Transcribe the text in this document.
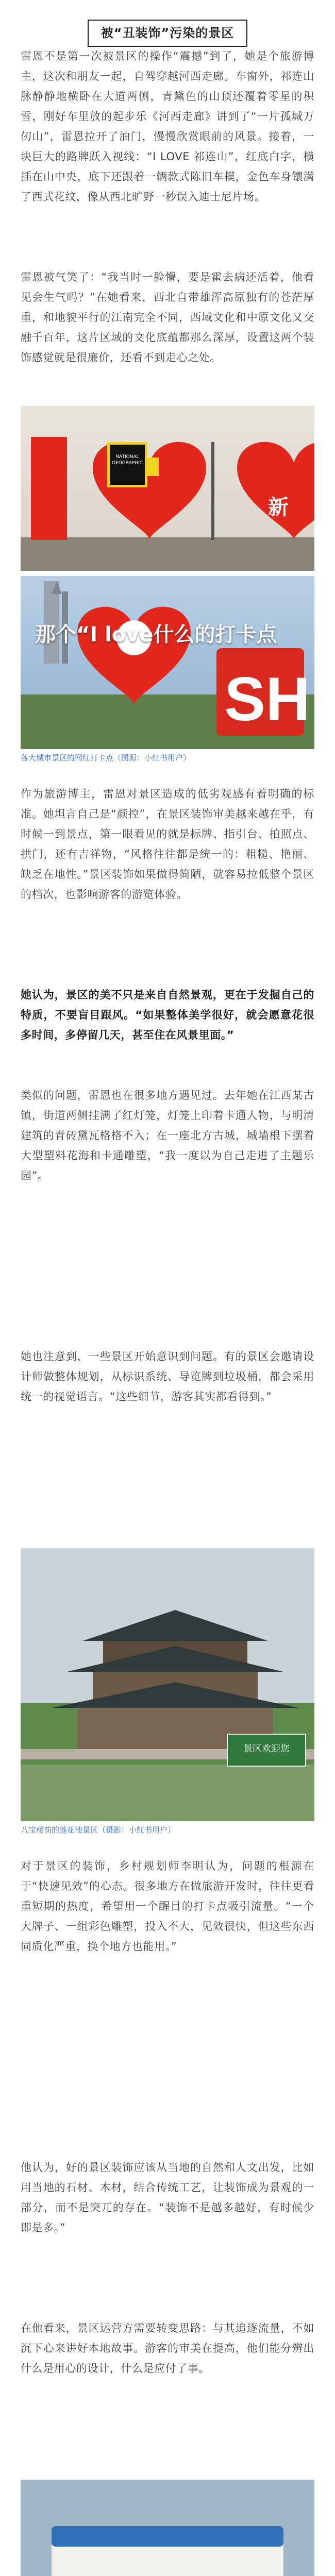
被“丑装饰”污染的景区

雷恩不是第一次被景区的操作“震撼”到了，她是个旅游博主，这次和朋友一起，自驾穿越河西走廊。车窗外，祁连山脉静静地横卧在大道两侧，青黛色的山顶还覆着零星的积雪，刚好车里放的起步乐《河西走廊》讲到了“一片孤城万仞山”，雷恩拉开了油门，慢慢欣赏眼前的风景。接着，一块巨大的路牌跃入视线：“I LOVE 祁连山”，红底白字，横插在山中央，底下还跟着一辆款式陈旧车模，金色车身镶满了西式花纹，像从西北旷野一秒误入迪士尼片场。

雷恩被气笑了：“我当时一脸懵，要是霍去病还活着，他看见会生气吗？”在她看来，西北自带雄浑高原独有的苍茫厚重，和地貌平行的江南完全不同，西域文化和中原文化又交融千百年，这片区域的文化底蕴都那么深厚，设置这两个装饰感觉就是很廉价，还看不到走心之处。

新
SH
NATIONAL GEOGRAPHIC
那个“I love什么的打卡点
各大城市景区的网红打卡点（图源：小红书用户）

作为旅游博主，雷恩对景区造成的低劣观感有着明确的标准。她坦言自己是“颜控”，在景区装饰审美越来越在乎，有时候一到景点，第一眼看见的就是标牌、指引台、拍照点、拱门，还有吉祥物，“风格往往都是统一的：粗糙、艳丽、缺乏在地性。”景区装饰如果做得简陋，就容易拉低整个景区的档次，也影响游客的游览体验。

她认为，景区的美不只是来自自然景观，更在于发掘自己的特质，不要盲目跟风。“如果整体美学很好，就会愿意花很多时间，多停留几天，甚至住在风景里面。”

类似的问题，雷恩也在很多地方遇见过。去年她在江西某古镇，街道两侧挂满了红灯笼，灯笼上印着卡通人物，与明清建筑的青砖黛瓦格格不入；在一座北方古城，城墙根下摆着大型塑料花海和卡通雕塑，“我一度以为自己走进了主题乐园”。

她也注意到，一些景区开始意识到问题。有的景区会邀请设计师做整体规划，从标识系统、导览牌到垃圾桶，都会采用统一的视觉语言。“这些细节，游客其实都看得到。”

景区欢迎您
八宝楼前的莲花池景区（摄影：小红书用户）

对于景区的装饰，乡村规划师李明认为，问题的根源在于“快速见效”的心态。很多地方在做旅游开发时，往往更看重短期的热度，希望用一个醒目的打卡点吸引流量。“一个大牌子、一组彩色雕塑，投入不大，见效很快，但这些东西同质化严重，换个地方也能用。”

他认为，好的景区装饰应该从当地的自然和人文出发，比如用当地的石材、木材，结合传统工艺，让装饰成为景观的一部分，而不是突兀的存在。“装饰不是越多越好，有时候少即是多。”

在他看来，景区运营方需要转变思路：与其追逐流量，不如沉下心来讲好本地故事。游客的审美在提高，他们能分辨出什么是用心的设计，什么是应付了事。
